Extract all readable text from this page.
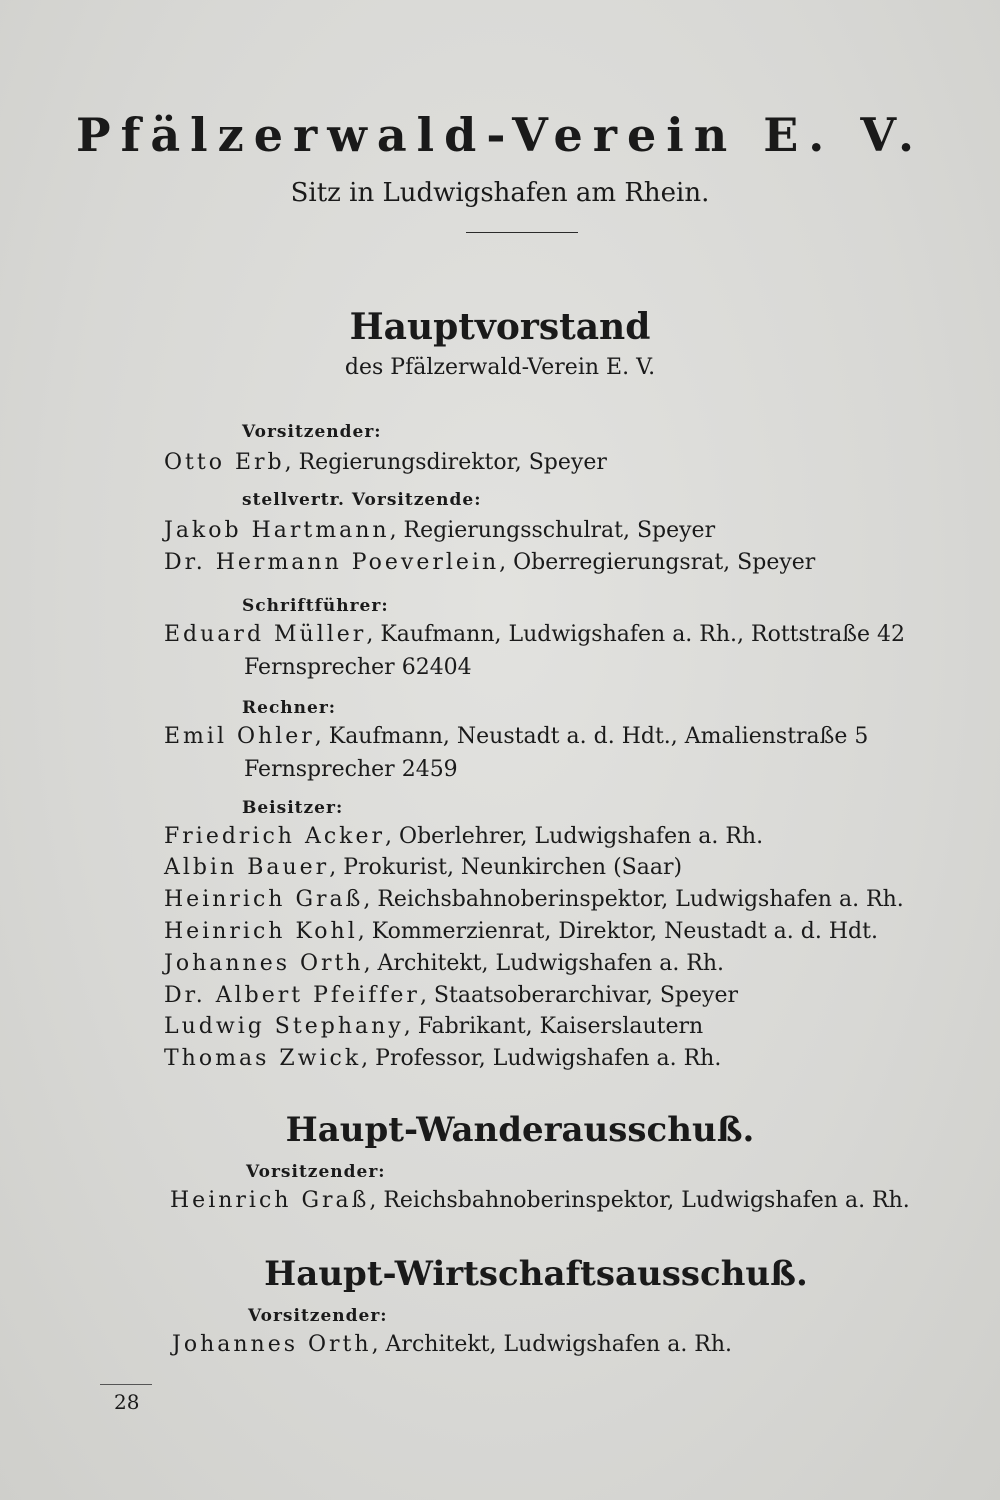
Pfälzerwald-Verein E. V.
Sitz in Ludwigshafen am Rhein.
Hauptvorstand
des Pfälzerwald-Verein E. V.
Vorsitzender:
Otto Erb, Regierungsdirektor, Speyer
stellvertr. Vorsitzende:
Jakob Hartmann, Regierungsschulrat, Speyer
Dr. Hermann Poeverlein, Oberregierungsrat, Speyer
Schriftführer:
Eduard Müller, Kaufmann, Ludwigshafen a. Rh., Rottstraße 42
Fernsprecher 62404
Rechner:
Emil Ohler, Kaufmann, Neustadt a. d. Hdt., Amalienstraße 5
Fernsprecher 2459
Beisitzer:
Friedrich Acker, Oberlehrer, Ludwigshafen a. Rh.
Albin Bauer, Prokurist, Neunkirchen (Saar)
Heinrich Graß, Reichsbahnoberinspektor, Ludwigshafen a. Rh.
Heinrich Kohl, Kommerzienrat, Direktor, Neustadt a. d. Hdt.
Johannes Orth, Architekt, Ludwigshafen a. Rh.
Dr. Albert Pfeiffer, Staatsoberarchivar, Speyer
Ludwig Stephany, Fabrikant, Kaiserslautern
Thomas Zwick, Professor, Ludwigshafen a. Rh.
Haupt-Wanderausschuß.
Vorsitzender:
Heinrich Graß, Reichsbahnoberinspektor, Ludwigshafen a. Rh.
Haupt-Wirtschaftsausschuß.
Vorsitzender:
Johannes Orth, Architekt, Ludwigshafen a. Rh.
28
